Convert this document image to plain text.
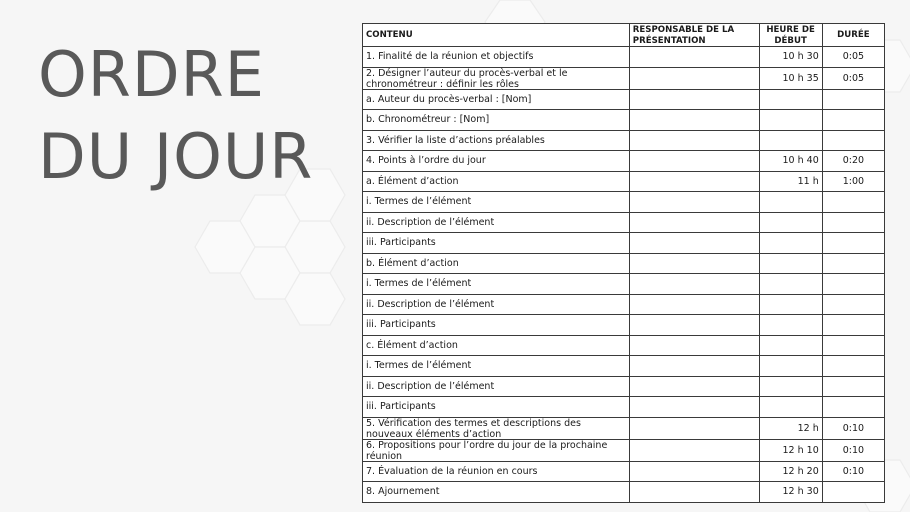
ORDRE
DU JOUR
CONTENU	RESPONSABLE DE LA PRÉSENTATION	HEURE DE DÉBUT	DURÉE
1. Finalité de la réunion et objectifs		10 h 30	0:05

2. Désigner l’auteur du procès-verbal et le chronométreur : définir les rôles		10 h 35	0:05
a. Auteur du procès-verbal : [Nom]			
b. Chronométreur : [Nom]			
3. Vérifier la liste d’actions préalables			
4. Points à l’ordre du jour		10 h 40	0:20
a. Élément d’action		11 h	1:00
i. Termes de l’élément			
ii. Description de l’élément			
iii. Participants			
b. Élément d’action			
i. Termes de l’élément			
ii. Description de l’élément			
iii. Participants			
c. Élément d’action			
i. Termes de l’élément			
ii. Description de l’élément			
iii. Participants			

5. Vérification des termes et descriptions des nouveaux éléments d’action		12 h	0:10

6. Propositions pour l’ordre du jour de la prochaine réunion		12 h 10	0:10
7. Évaluation de la réunion en cours		12 h 20	0:10
8. Ajournement		12 h 30	
